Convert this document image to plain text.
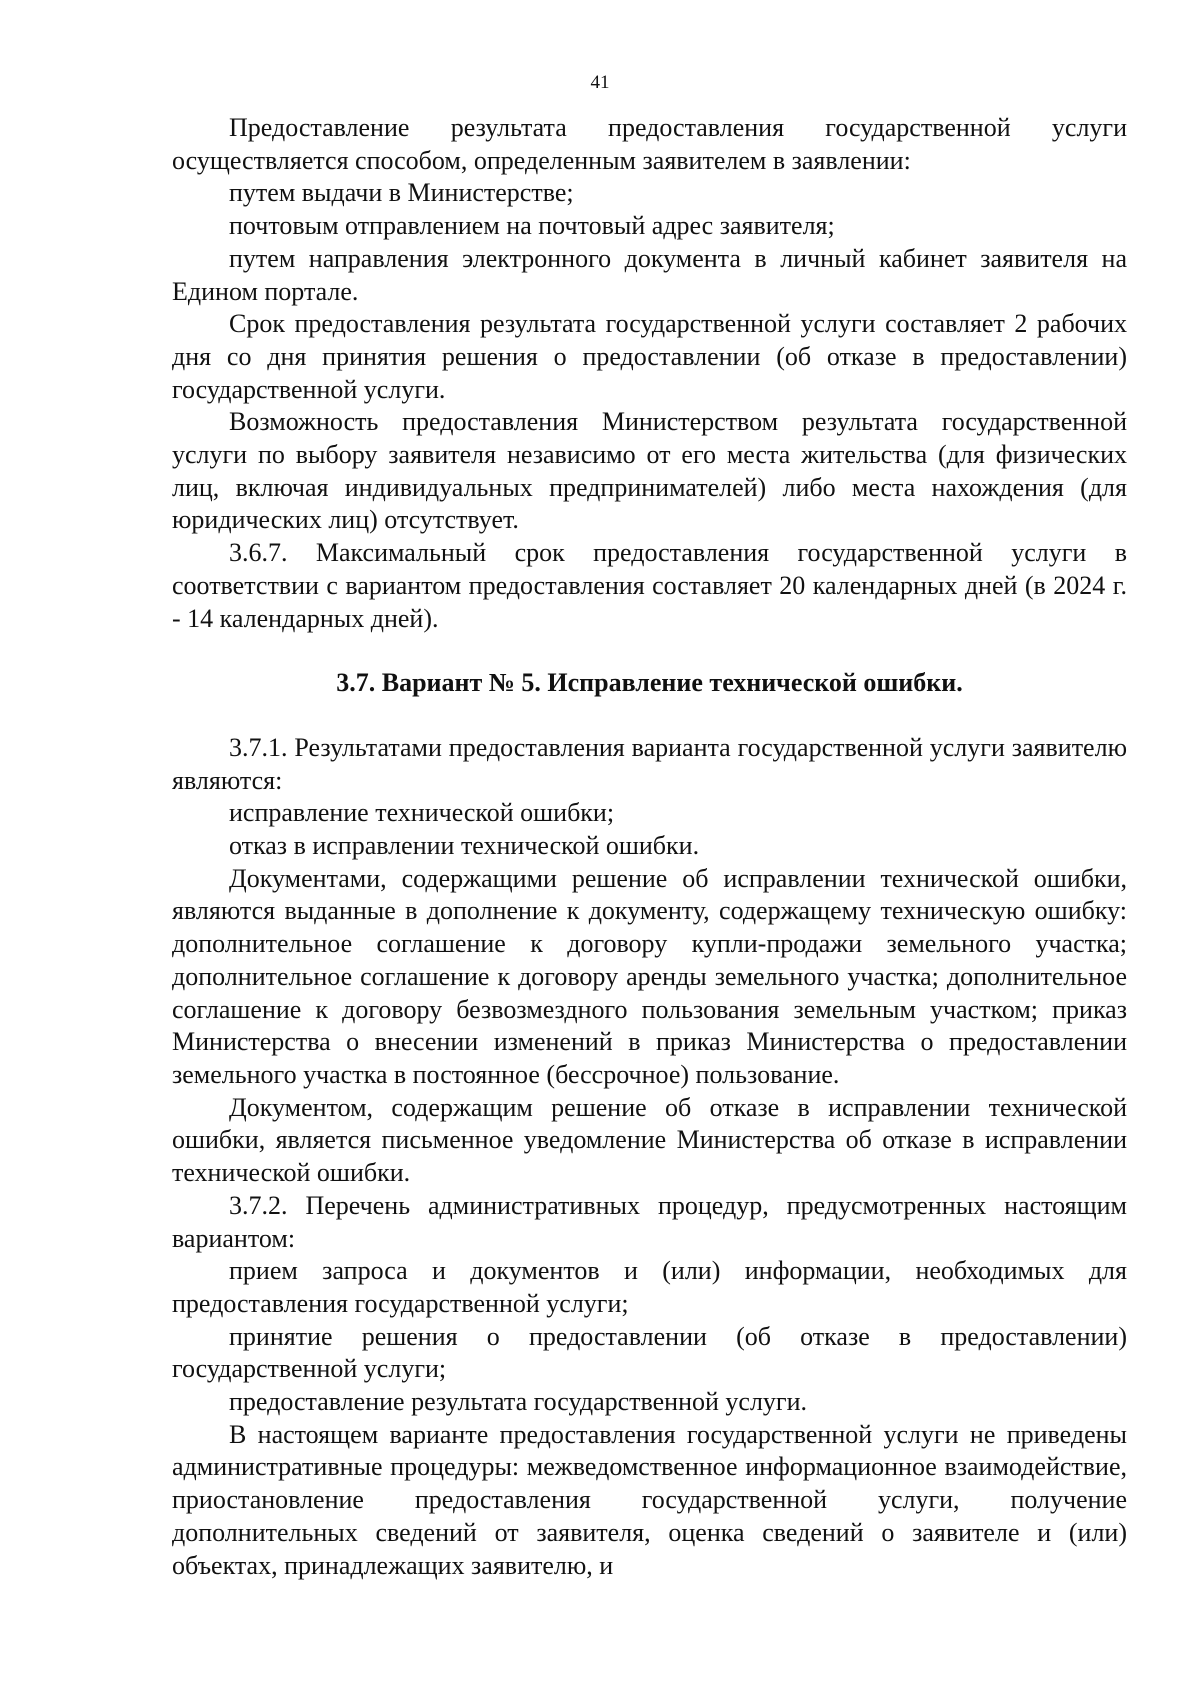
41

Предоставление результата предоставления государственной услуги осуществляется способом, определенным заявителем в заявлении:

путем выдачи в Министерстве;

почтовым отправлением на почтовый адрес заявителя;

путем направления электронного документа в личный кабинет заявителя на Едином портале.

Срок предоставления результата государственной услуги составляет 2 рабочих дня со дня принятия решения о предоставлении (об отказе в предоставлении) государственной услуги.

Возможность предоставления Министерством результата государственной услуги по выбору заявителя независимо от его места жительства (для физических лиц, включая индивидуальных предпринимателей) либо места нахождения (для юридических лиц) отсутствует.

3.6.7. Максимальный срок предоставления государственной услуги в соответствии с вариантом предоставления составляет 20 календарных дней (в 2024 г. - 14 календарных дней).

3.7. Вариант № 5. Исправление технической ошибки.

3.7.1. Результатами предоставления варианта государственной услуги заявителю являются:

исправление технической ошибки;

отказ в исправлении технической ошибки.

Документами, содержащими решение об исправлении технической ошибки, являются выданные в дополнение к документу, содержащему техническую ошибку: дополнительное соглашение к договору купли-продажи земельного участка; дополнительное соглашение к договору аренды земельного участка; дополнительное соглашение к договору безвозмездного пользования земельным участком; приказ Министерства о внесении изменений в приказ Министерства о предоставлении земельного участка в постоянное (бессрочное) пользование.

Документом, содержащим решение об отказе в исправлении технической ошибки, является письменное уведомление Министерства об отказе в исправлении технической ошибки.

3.7.2. Перечень административных процедур, предусмотренных настоящим вариантом:

прием запроса и документов и (или) информации, необходимых для предоставления государственной услуги;

принятие решения о предоставлении (об отказе в предоставлении) государственной услуги;

предоставление результата государственной услуги.

В настоящем варианте предоставления государственной услуги не приведены административные процедуры: межведомственное информационное взаимодействие, приостановление предоставления государственной услуги, получение дополнительных сведений от заявителя, оценка сведений о заявителе и (или) объектах, принадлежащих заявителю, и
